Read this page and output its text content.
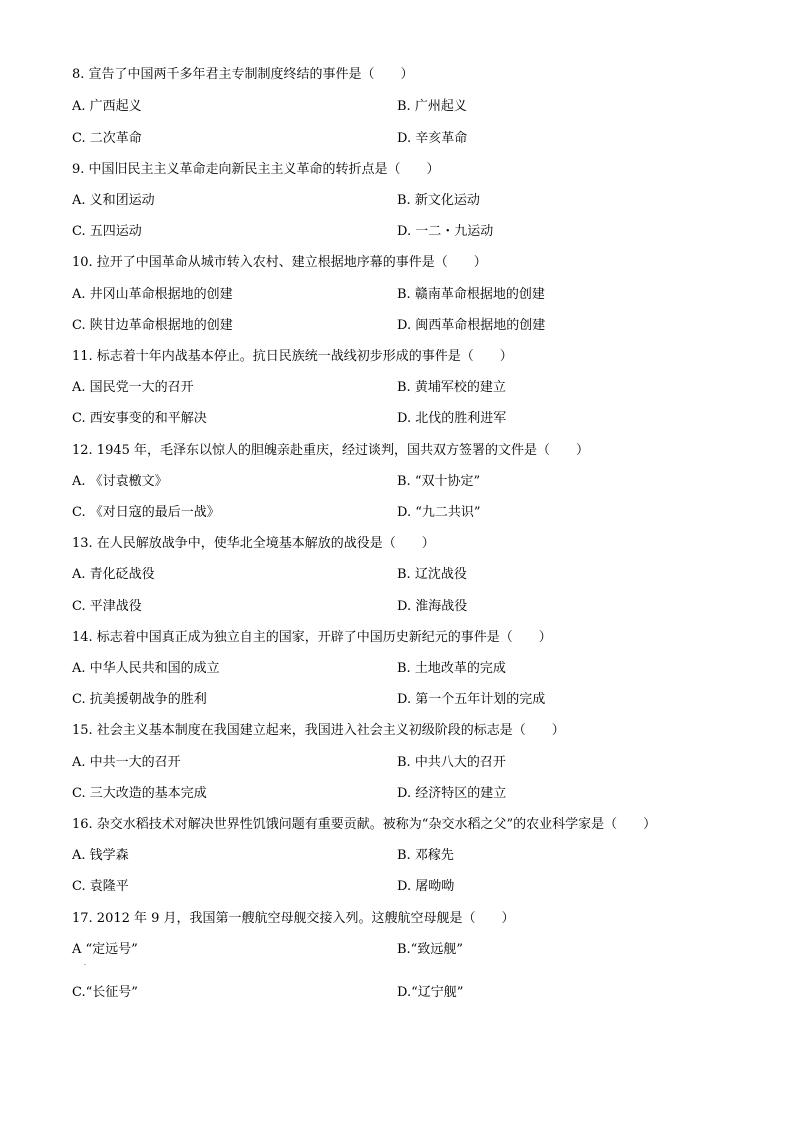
8. 宣告了中国两千多年君主专制制度终结的事件是（　　）
A. 广西起义	B. 广州起义
C. 二次革命	D. 辛亥革命
9. 中国旧民主主义革命走向新民主主义革命的转折点是（　　）
A. 义和团运动	B. 新文化运动
C. 五四运动	D. 一二・九运动
10. 拉开了中国革命从城市转入农村、建立根据地序幕的事件是（　　）
A. 井冈山革命根据地的创建	B. 赣南革命根据地的创建
C. 陕甘边革命根据地的创建	D. 闽西革命根据地的创建
11. 标志着十年内战基本停止。抗日民族统一战线初步形成的事件是（　　）
A. 国民党一大的召开	B. 黄埔军校的建立
C. 西安事变的和平解决	D. 北伐的胜利进军
12. 1945 年，毛泽东以惊人的胆魄亲赴重庆，经过谈判，国共双方签署的文件是（　　）
A. 《讨袁檄文》	B. “双十协定”
C. 《对日寇的最后一战》	D. “九二共识”
13. 在人民解放战争中，使华北全境基本解放的战役是（　　）
A. 青化砭战役	B. 辽沈战役
C. 平津战役	D. 淮海战役
14. 标志着中国真正成为独立自主的国家，开辟了中国历史新纪元的事件是（　　）
A. 中华人民共和国的成立	B. 土地改革的完成
C. 抗美援朝战争的胜利	D. 第一个五年计划的完成
15. 社会主义基本制度在我国建立起来，我国进入社会主义初级阶段的标志是（　　）
A. 中共一大的召开	B. 中共八大的召开
C. 三大改造的基本完成	D. 经济特区的建立
16. 杂交水稻技术对解决世界性饥饿问题有重要贡献。被称为“杂交水稻之父”的农业科学家是（　　）
A. 钱学森	B. 邓稼先
C. 袁隆平	D. 屠呦呦
17. 2012 年 9 月，我国第一艘航空母舰交接入列。这艘航空母舰是（　　）
A “定远号”	B.“致远舰”
·
C.“长征号”	D.“辽宁舰”
